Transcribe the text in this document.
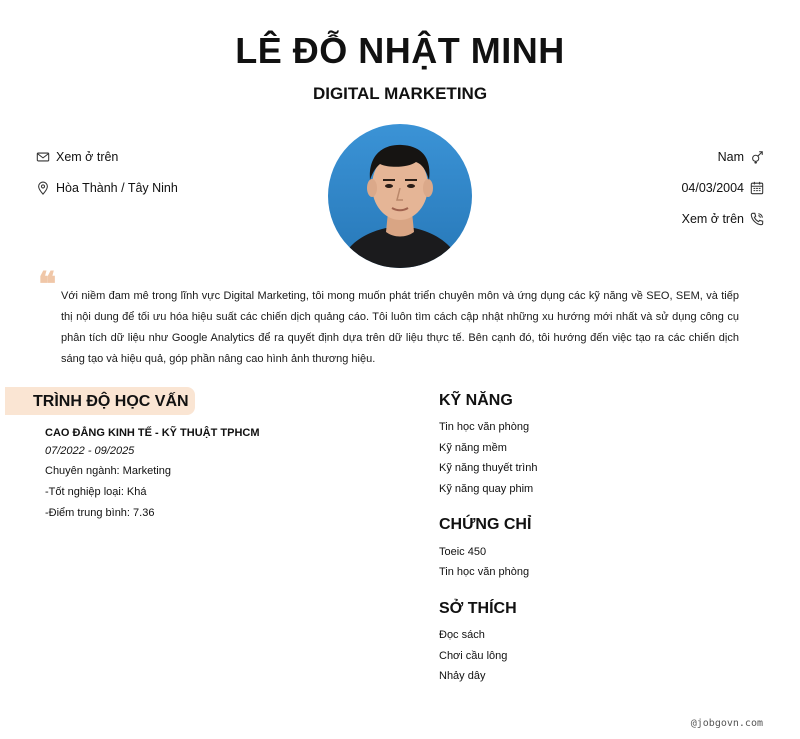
LÊ ĐỖ NHẬT MINH
DIGITAL MARKETING
Xem ở trên
Hòa Thành / Tây Ninh
Nam
04/03/2004
Xem ở trên
❝ Với niềm đam mê trong lĩnh vực Digital Marketing, tôi mong muốn phát triển chuyên môn và ứng dụng các kỹ năng về SEO, SEM, và tiếp thị nội dung để tối ưu hóa hiệu suất các chiến dịch quảng cáo. Tôi luôn tìm cách cập nhật những xu hướng mới nhất và sử dụng công cụ phân tích dữ liệu như Google Analytics để ra quyết định dựa trên dữ liệu thực tế. Bên cạnh đó, tôi hướng đến việc tạo ra các chiến dịch sáng tạo và hiệu quả, góp phần nâng cao hình ảnh thương hiệu.
TRÌNH ĐỘ HỌC VẤN
CAO ĐẲNG KINH TẾ - KỸ THUẬT TPHCM
07/2022 - 09/2025
Chuyên ngành: Marketing
-Tốt nghiệp loại: Khá
-Điểm trung bình: 7.36
KỸ NĂNG
Tin học văn phòng
Kỹ năng mềm
Kỹ năng thuyết trình
Kỹ năng quay phim
CHỨNG CHỈ
Toeic 450
Tin học văn phòng
SỞ THÍCH
Đọc sách
Chơi cầu lông
Nhảy dây
@jobgovn.com
